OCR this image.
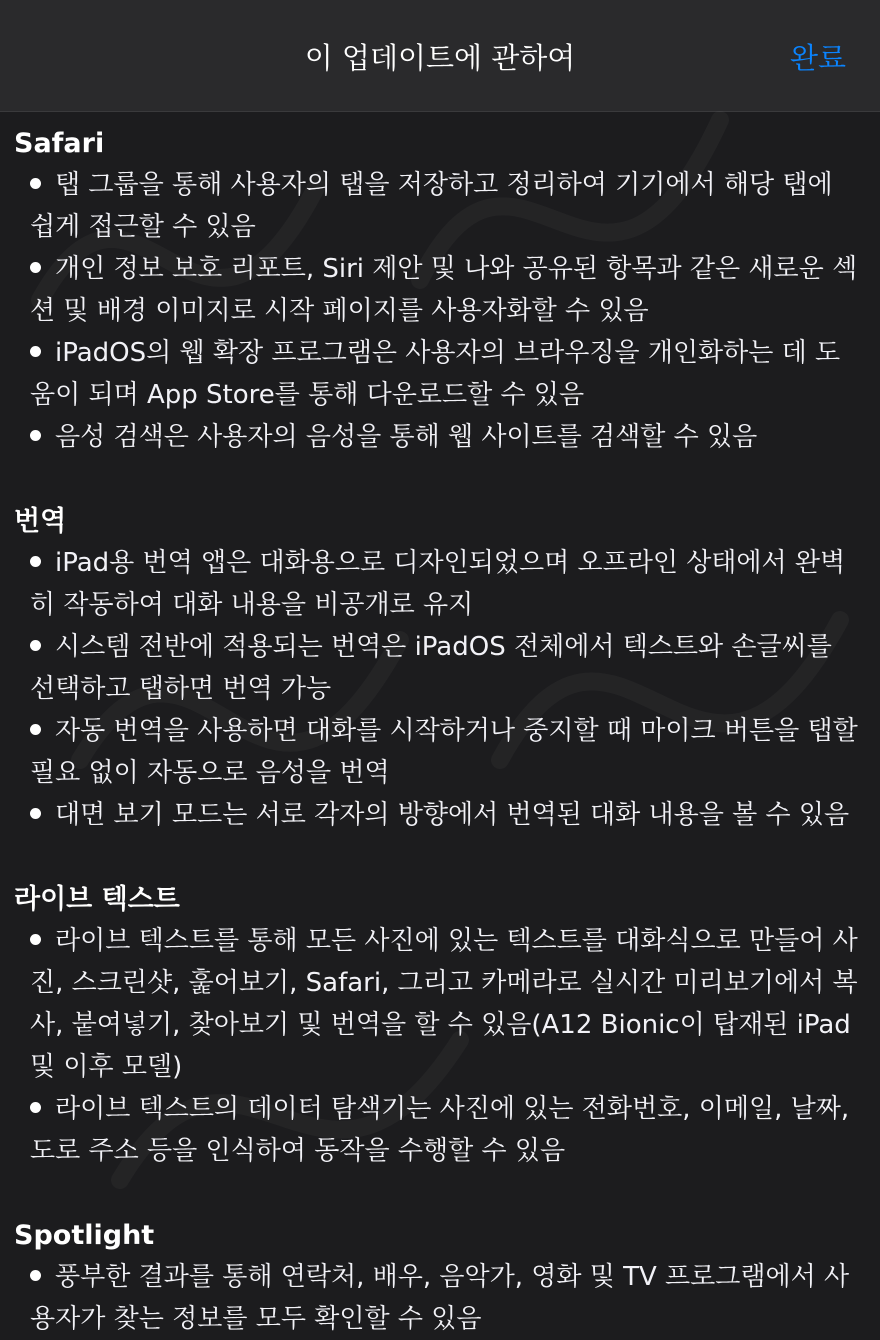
이 업데이트에 관하여	완료
Safari
탭 그룹을 통해 사용자의 탭을 저장하고 정리하여 기기에서 해당 탭에 쉽게 접근할 수 있음
개인 정보 보호 리포트, Siri 제안 및 나와 공유된 항목과 같은 새로운 섹션 및 배경 이미지로 시작 페이지를 사용자화할 수 있음
iPadOS의 웹 확장 프로그램은 사용자의 브라우징을 개인화하는 데 도움이 되며 App Store를 통해 다운로드할 수 있음
음성 검색은 사용자의 음성을 통해 웹 사이트를 검색할 수 있음
번역
iPad용 번역 앱은 대화용으로 디자인되었으며 오프라인 상태에서 완벽히 작동하여 대화 내용을 비공개로 유지
시스템 전반에 적용되는 번역은 iPadOS 전체에서 텍스트와 손글씨를 선택하고 탭하면 번역 가능
자동 번역을 사용하면 대화를 시작하거나 중지할 때 마이크 버튼을 탭할 필요 없이 자동으로 음성을 번역
대면 보기 모드는 서로 각자의 방향에서 번역된 대화 내용을 볼 수 있음
라이브 텍스트
라이브 텍스트를 통해 모든 사진에 있는 텍스트를 대화식으로 만들어 사진, 스크린샷, 훑어보기, Safari, 그리고 카메라로 실시간 미리보기에서 복사, 붙여넣기, 찾아보기 및 번역을 할 수 있음(A12 Bionic이 탑재된 iPad 및 이후 모델)
라이브 텍스트의 데이터 탐색기는 사진에 있는 전화번호, 이메일, 날짜, 도로 주소 등을 인식하여 동작을 수행할 수 있음
Spotlight
풍부한 결과를 통해 연락처, 배우, 음악가, 영화 및 TV 프로그램에서 사용자가 찾는 정보를 모두 확인할 수 있음
